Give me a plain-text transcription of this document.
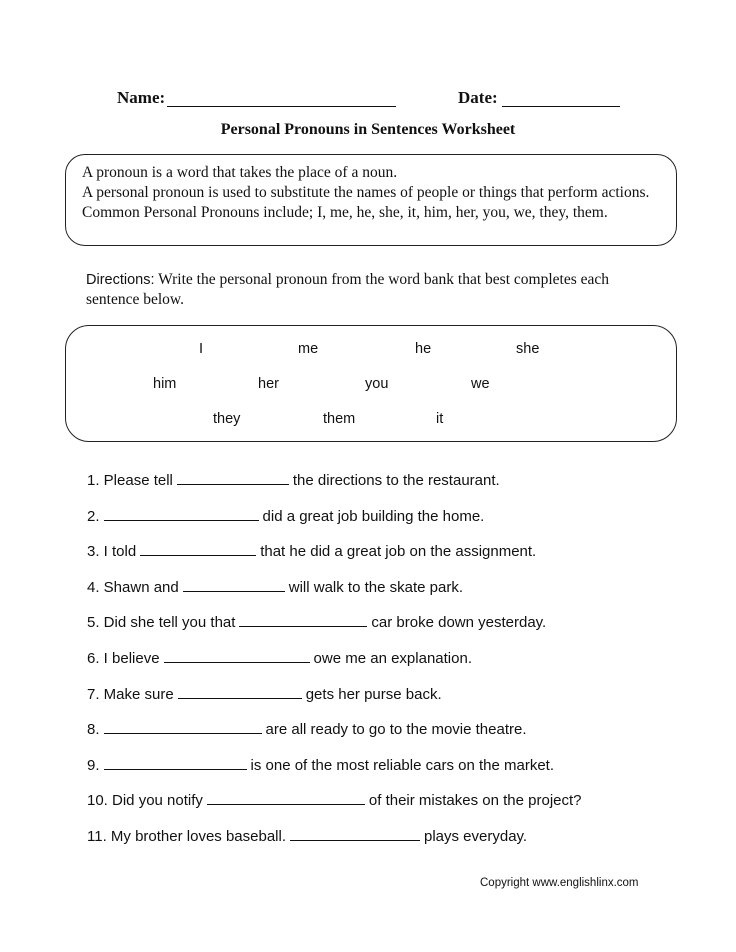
Name:	Date:
Personal Pronouns in Sentences Worksheet

A pronoun is a word that takes the place of a noun.

A personal pronoun is used to substitute the names of people or things that perform actions.

Common Personal Pronouns include; I, me, he, she, it, him, her, you, we, they, them.

Directions: Write the personal pronoun from the word bank that best completes each sentence below.
I	me	he	she
him	her	you	we
they	them	it
1. Please tell	the directions to the restaurant.
2.	did a great job building the home.
3. I told	that he did a great job on the assignment.
4. Shawn and	will walk to the skate park.
5. Did she tell you that	car broke down yesterday.
6. I believe	owe me an explanation.
7. Make sure	gets her purse back.
8.	are all ready to go to the movie theatre.
9.	is one of the most reliable cars on the market.
10. Did you notify	of their mistakes on the project?
11. My brother loves baseball.	plays everyday.
Copyright www.englishlinx.com
